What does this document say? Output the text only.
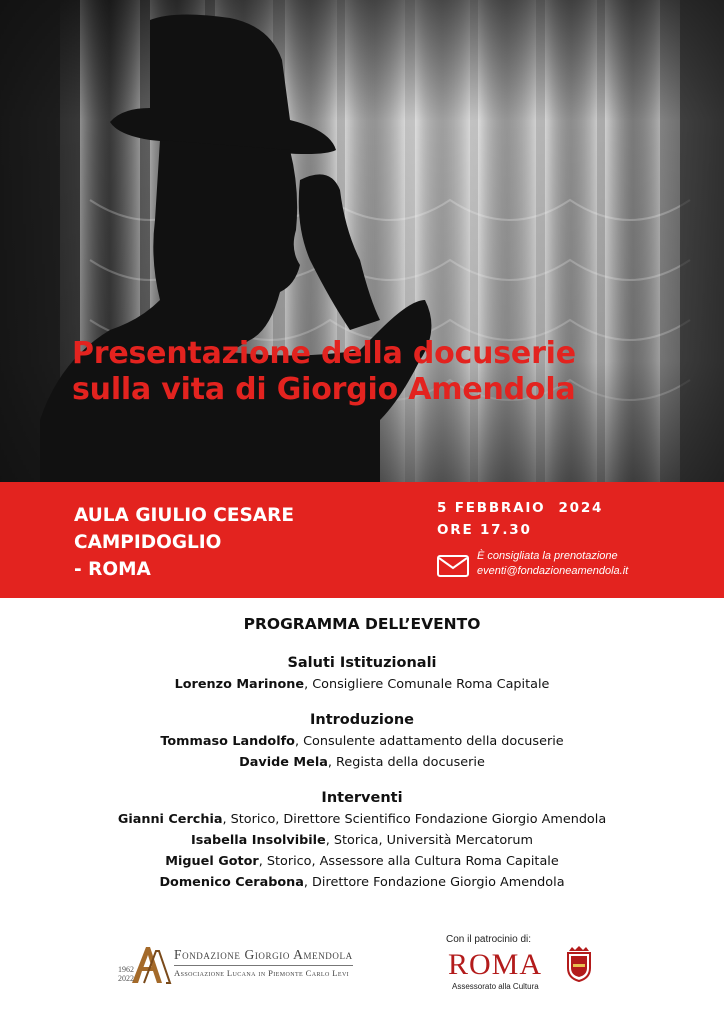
Presentazione della docuserie
sulla vita di Giorgio Amendola
AULA GIULIO CESARE
CAMPIDOGLIO
- ROMA
5 FEBBRAIO  2024
ORE 17.30
È consigliata la prenotazione
eventi@fondazioneamendola.it
PROGRAMMA DELL’EVENTO
Saluti Istituzionali
Lorenzo Marinone, Consigliere Comunale Roma Capitale
Introduzione
Tommaso Landolfo, Consulente adattamento della docuserie
Davide Mela, Regista della docuserie
Interventi
Gianni Cerchia, Storico, Direttore Scientifico Fondazione Giorgio Amendola
Isabella Insolvibile, Storica, Università Mercatorum
Miguel Gotor, Storico, Assessore alla Cultura Roma Capitale
Domenico Cerabona, Direttore Fondazione Giorgio Amendola
1962
2022
Fondazione Giorgio Amendola
Associazione Lucana in Piemonte Carlo Levi
Con il patrocinio di:
ROMA
Assessorato alla Cultura
